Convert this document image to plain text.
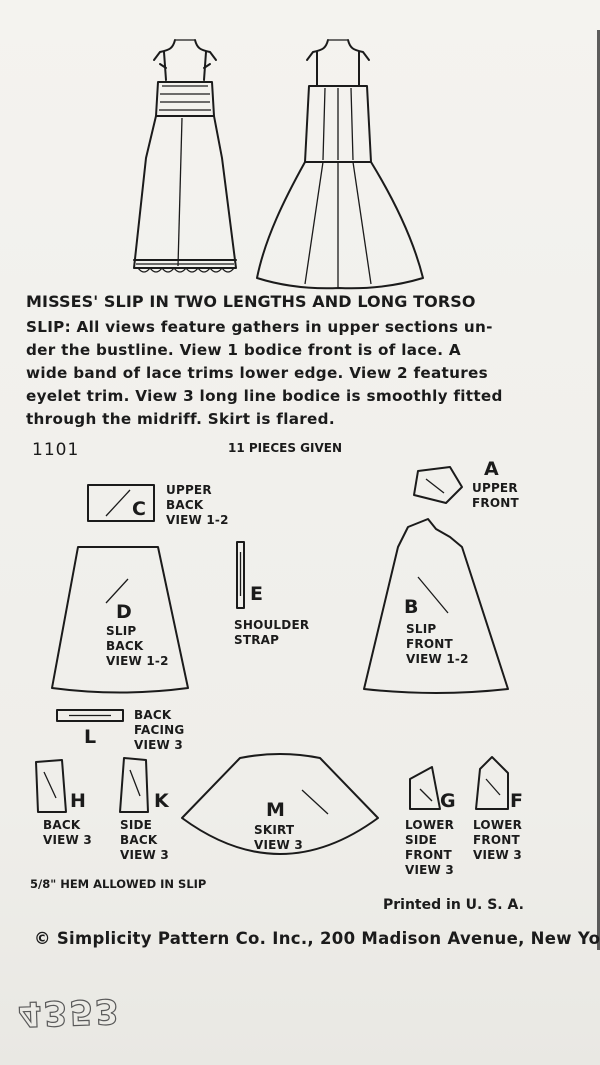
MISSES' SLIP IN TWO LENGTHS AND LONG TORSO
SLIP: All views feature gathers in upper sections un-
der the bustline. View 1 bodice front is of lace. A
wide band of lace trims lower edge. View 2 features
eyelet trim. View 3 long line bodice is smoothly fitted
through the midriff. Skirt is flared.
1101	11 PIECES GIVEN
A
UPPER
FRONT
C
UPPER
BACK
VIEW 1-2
D
SLIP
BACK
VIEW 1-2
E
SHOULDER
STRAP
B
SLIP
FRONT
VIEW 1-2
L
BACK
FACING
VIEW 3
H
BACK
VIEW 3
K
SIDE
BACK
VIEW 3
M
SKIRT
VIEW 3
G
LOWER
SIDE
FRONT
VIEW 3
F
LOWER
FRONT
VIEW 3
5/8" HEM ALLOWED IN SLIP
Printed in U. S. A.
© Simplicity Pattern Co. Inc., 200 Madison Avenue, New Yo
4353
